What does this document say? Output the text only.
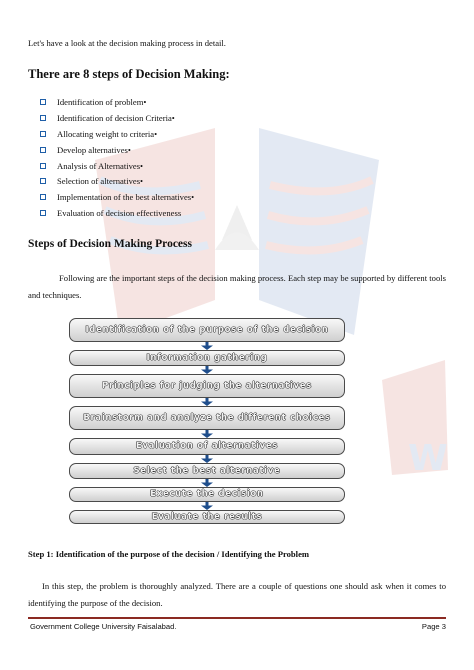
W
Let's have a look at the decision making process in detail.
There are 8 steps of Decision Making:
Identification of problem•
Identification of decision Criteria•
Allocating weight to criteria•
Develop alternatives•
Analysis of Alternatives•
Selection of alternatives•
Implementation of the best alternatives•
Evaluation of decision effectiveness
Steps of Decision Making Process
Following are the important steps of the decision making process. Each step may be supported by different tools and techniques.
Identification of the purpose of the decision
Information gathering
Principles for judging the alternatives
Brainstorm and analyze the different choices
Evaluation of alternatives
Select the best alternative
Execute the decision
Evaluate the results
Step 1: Identification of the purpose of the decision / Identifying the Problem
In this step, the problem is thoroughly analyzed. There are a couple of questions one should ask when it comes to identifying the purpose of the decision.
Government College University Faisalabad.	Page 3
